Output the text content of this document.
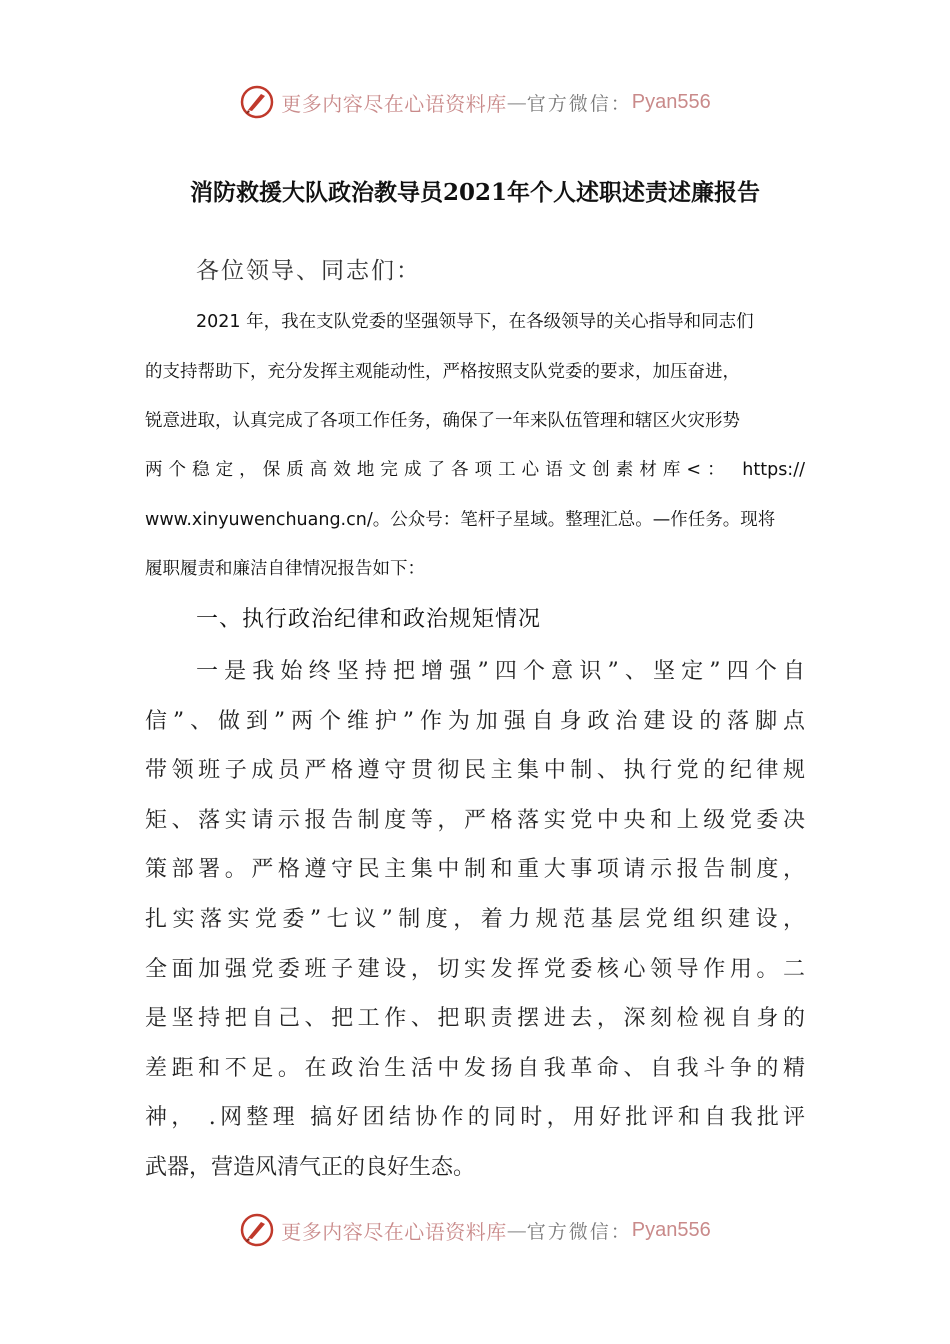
更多内容尽在心语资料库 — 官方微信： Pyan556
消防救援大队政治教导员2021年个人述职述责述廉报告
各位领导、同志们：
2021 年，我在支队党委的坚强领导下，在各级领导的关心指导和同志们
的支持帮助下，充分发挥主观能动性，严格按照支队党委的要求，加压奋进，
锐意进取，认真完成了各项工作任务，确保了一年来队伍管理和辖区火灾形势
两个稳定，保质高效地完成了各项工心语文创素材库<： https://
www.xinyuwenchuang.cn/。公众号：笔杆子星域。整理汇总。—作任务。现将
履职履责和廉洁自律情况报告如下：
一、执行政治纪律和政治规矩情况
一是我始终坚持把增强”四个意识”、坚定”四个自
信”、做到”两个维护”作为加强自身政治建设的落脚点
带领班子成员严格遵守贯彻民主集中制、执行党的纪律规
矩、落实请示报告制度等，严格落实党中央和上级党委决
策部署。严格遵守民主集中制和重大事项请示报告制度，
扎实落实党委”七议”制度，着力规范基层党组织建设，
全面加强党委班子建设，切实发挥党委核心领导作用。二
是坚持把自己、把工作、把职责摆进去，深刻检视自身的
差距和不足。在政治生活中发扬自我革命、自我斗争的精
神， .网整理 搞好团结协作的同时，用好批评和自我批评
武器，营造风清气正的良好生态。
更多内容尽在心语资料库 — 官方微信： Pyan556
